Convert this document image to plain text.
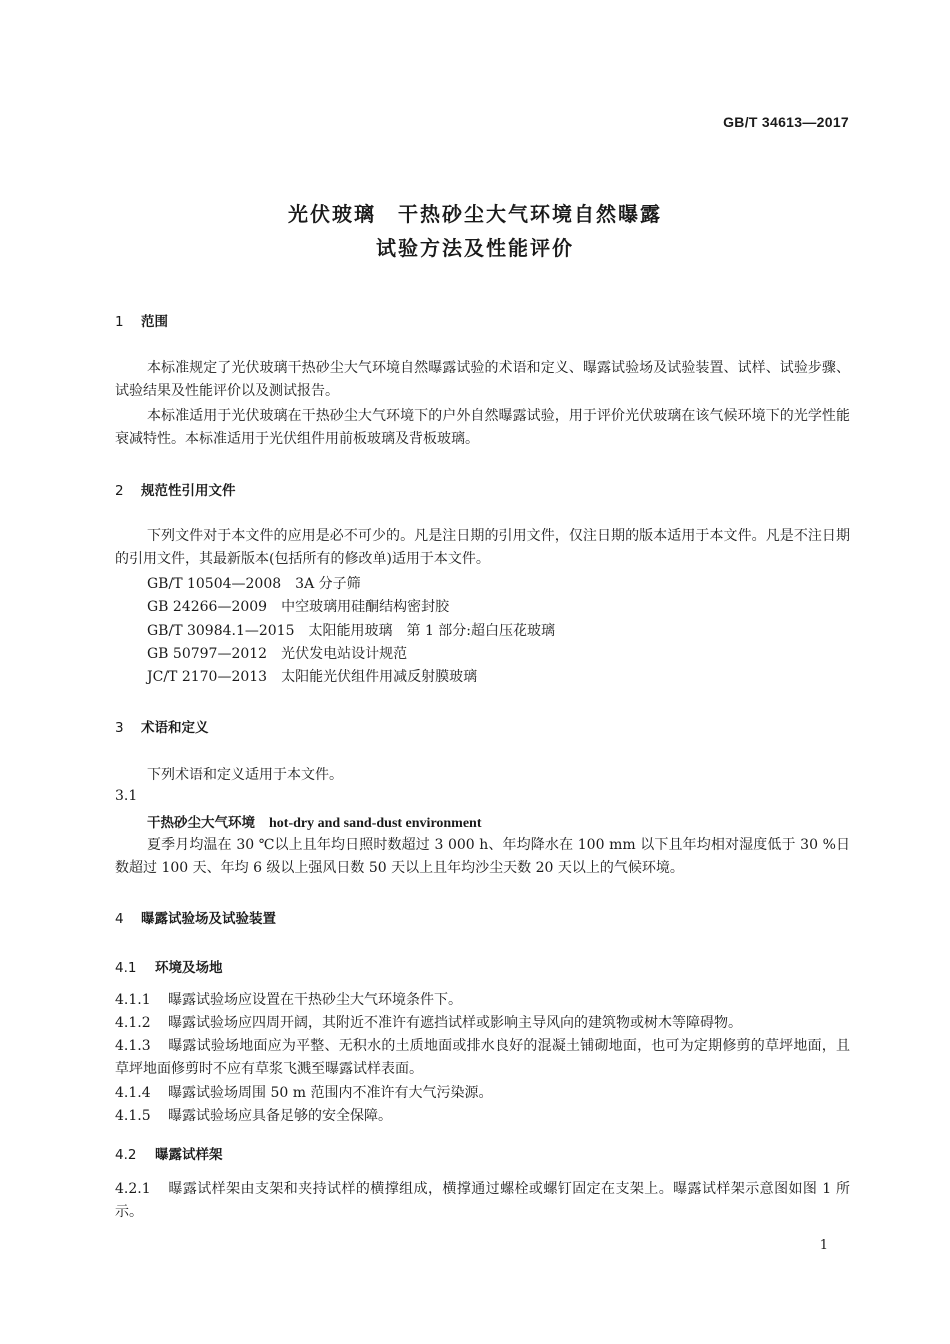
GB/T 34613—2017
光伏玻璃　干热砂尘大气环境自然曝露
试验方法及性能评价
1 范围
本标准规定了光伏玻璃干热砂尘大气环境自然曝露试验的术语和定义、曝露试验场及试验装置、试样、试验步骤、试验结果及性能评价以及测试报告。
本标准适用于光伏玻璃在干热砂尘大气环境下的户外自然曝露试验，用于评价光伏玻璃在该气候环境下的光学性能衰减特性。本标准适用于光伏组件用前板玻璃及背板玻璃。
2 规范性引用文件
下列文件对于本文件的应用是必不可少的。凡是注日期的引用文件，仅注日期的版本适用于本文件。凡是不注日期的引用文件，其最新版本(包括所有的修改单)适用于本文件。
GB/T 10504—2008 3A 分子筛
GB 24266—2009 中空玻璃用硅酮结构密封胶
GB/T 30984.1—2015 太阳能用玻璃　第 1 部分:超白压花玻璃
GB 50797—2012 光伏发电站设计规范
JC/T 2170—2013 太阳能光伏组件用减反射膜玻璃
3 术语和定义
下列术语和定义适用于本文件。
3.1
干热砂尘大气环境 hot-dry and sand-dust environment
夏季月均温在 30 ℃以上且年均日照时数超过 3 000 h、年均降水在 100 mm 以下且年均相对湿度低于 30 %日数超过 100 天、年均 6 级以上强风日数 50 天以上且年均沙尘天数 20 天以上的气候环境。
4 曝露试验场及试验装置
4.1 环境及场地
4.1.1 曝露试验场应设置在干热砂尘大气环境条件下。
4.1.2 曝露试验场应四周开阔，其附近不准许有遮挡试样或影响主导风向的建筑物或树木等障碍物。
4.1.3 曝露试验场地面应为平整、无积水的土质地面或排水良好的混凝土铺砌地面，也可为定期修剪的草坪地面，且草坪地面修剪时不应有草浆飞溅至曝露试样表面。
4.1.4 曝露试验场周围 50 m 范围内不准许有大气污染源。
4.1.5 曝露试验场应具备足够的安全保障。
4.2 曝露试样架
4.2.1 曝露试样架由支架和夹持试样的横撑组成，横撑通过螺栓或螺钉固定在支架上。曝露试样架示意图如图 1 所示。
1
